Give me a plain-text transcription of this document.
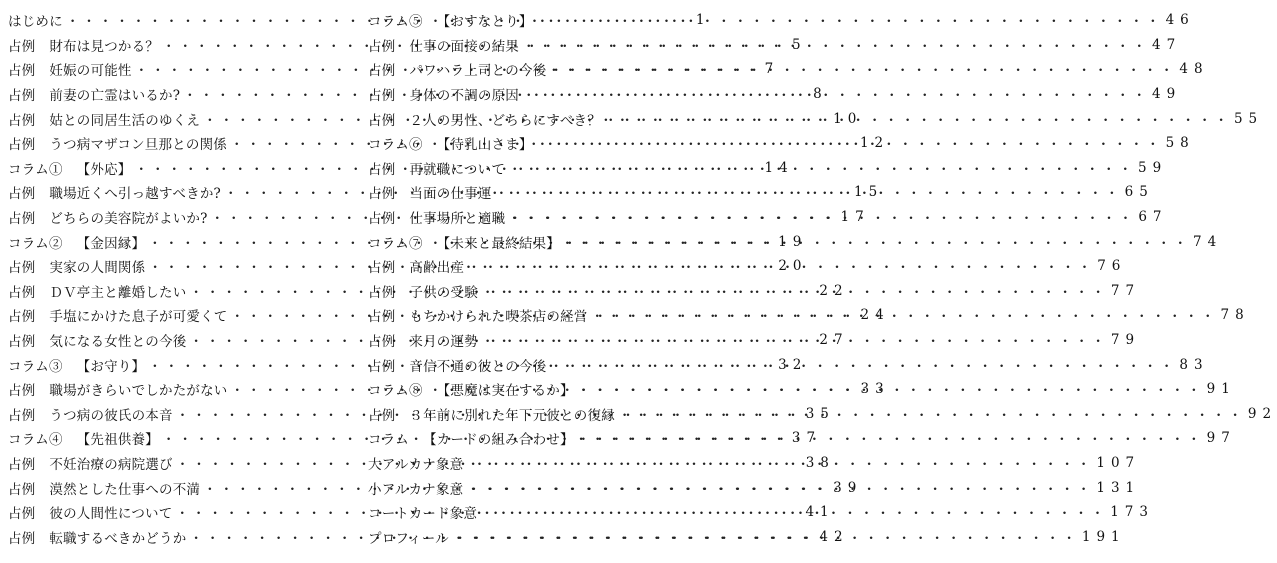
はじめに ・・・・・・・・・・・・・・・・・・・・・・・・・・・・・・・・・・・・・・	1
占例 財布は見つかる？ ・・・・・・・・・・・・・・・・・・・・・・・・・・・・・・・・・・・・・・	5
占例 妊娠の可能性 ・・・・・・・・・・・・・・・・・・・・・・・・・・・・・・・・・・・・・・	7
占例 前妻の亡霊はいるか? ・・・・・・・・・・・・・・・・・・・・・・・・・・・・・・・・・・・・・・	8
占例 姑との同居生活のゆくえ ・・・・・・・・・・・・・・・・・・・・・・・・・・・・・・・・・・・・・・	10
占例 うつ病マザコン旦那との関係 ・・・・・・・・・・・・・・・・・・・・・・・・・・・・・・・・・・・・・・	12
コラム① 【外応】 ・・・・・・・・・・・・・・・・・・・・・・・・・・・・・・・・・・・・・・	14
占例 職場近くへ引っ越すべきか? ・・・・・・・・・・・・・・・・・・・・・・・・・・・・・・・・・・・・・・	15
占例 どちらの美容院がよいか? ・・・・・・・・・・・・・・・・・・・・・・・・・・・・・・・・・・・・・・	17
コラム② 【金因縁】 ・・・・・・・・・・・・・・・・・・・・・・・・・・・・・・・・・・・・・・	19
占例 実家の人間関係 ・・・・・・・・・・・・・・・・・・・・・・・・・・・・・・・・・・・・・・	20
占例 ＤＶ亭主と離婚したい ・・・・・・・・・・・・・・・・・・・・・・・・・・・・・・・・・・・・・・	22
占例 手塩にかけた息子が可愛くて ・・・・・・・・・・・・・・・・・・・・・・・・・・・・・・・・・・・・・・	24
占例 気になる女性との今後 ・・・・・・・・・・・・・・・・・・・・・・・・・・・・・・・・・・・・・・	27
コラム③ 【お守り】 ・・・・・・・・・・・・・・・・・・・・・・・・・・・・・・・・・・・・・・	32
占例 職場がきらいでしかたがない ・・・・・・・・・・・・・・・・・・・・・・・・・・・・・・・・・・・・・・	33
占例 うつ病の彼氏の本音 ・・・・・・・・・・・・・・・・・・・・・・・・・・・・・・・・・・・・・・	35
コラム④ 【先祖供養】 ・・・・・・・・・・・・・・・・・・・・・・・・・・・・・・・・・・・・・・	37
占例 不妊治療の病院選び ・・・・・・・・・・・・・・・・・・・・・・・・・・・・・・・・・・・・・・	38
占例 漠然とした仕事への不満 ・・・・・・・・・・・・・・・・・・・・・・・・・・・・・・・・・・・・・・	39
占例 彼の人間性について ・・・・・・・・・・・・・・・・・・・・・・・・・・・・・・・・・・・・・・	41
占例 転職するべきかどうか ・・・・・・・・・・・・・・・・・・・・・・・・・・・・・・・・・・・・・・	42
コラム⑤ 【おすなとり】 ・・・・・・・・・・・・・・・・・・・・・・・・・・・・・・・・・・・・・・	46
占例 仕事の面接の結果 ・・・・・・・・・・・・・・・・・・・・・・・・・・・・・・・・・・・・・・	47
占例 パワハラ上司との今後 ・・・・・・・・・・・・・・・・・・・・・・・・・・・・・・・・・・・・・・	48
占例 身体の不調の原因 ・・・・・・・・・・・・・・・・・・・・・・・・・・・・・・・・・・・・・・	49
占例 ２人の男性、どちらにすべき？ ・・・・・・・・・・・・・・・・・・・・・・・・・・・・・・・・・・・・・・	55
コラム⑥ 【待乳山さま】 ・・・・・・・・・・・・・・・・・・・・・・・・・・・・・・・・・・・・・・	58
占例 再就職について ・・・・・・・・・・・・・・・・・・・・・・・・・・・・・・・・・・・・・・	59
占例 当面の仕事運 ・・・・・・・・・・・・・・・・・・・・・・・・・・・・・・・・・・・・・・	65
占例 仕事場所と適職 ・・・・・・・・・・・・・・・・・・・・・・・・・・・・・・・・・・・・・・	67
コラム⑦ 【未来と最終結果】 ・・・・・・・・・・・・・・・・・・・・・・・・・・・・・・・・・・・・・・	74
占例 高齢出産 ・・・・・・・・・・・・・・・・・・・・・・・・・・・・・・・・・・・・・・	76
占例 子供の受験 ・・・・・・・・・・・・・・・・・・・・・・・・・・・・・・・・・・・・・・	77
占例 もちかけられた喫茶店の経営 ・・・・・・・・・・・・・・・・・・・・・・・・・・・・・・・・・・・・・・	78
占例 来月の運勢 ・・・・・・・・・・・・・・・・・・・・・・・・・・・・・・・・・・・・・・	79
占例 音信不通の彼との今後 ・・・・・・・・・・・・・・・・・・・・・・・・・・・・・・・・・・・・・・	83
コラム⑧ 【悪魔は実在するか】 ・・・・・・・・・・・・・・・・・・・・・・・・・・・・・・・・・・・・・・	91
占例 ３年前に別れた年下元彼との復縁 ・・・・・・・・・・・・・・・・・・・・・・・・・・・・・・・・・・・・・・	92
コラム 【カードの組み合わせ】 ・・・・・・・・・・・・・・・・・・・・・・・・・・・・・・・・・・・・・・	97
大アルカナ象意 ・・・・・・・・・・・・・・・・・・・・・・・・・・・・・・・・・・・・・・	107
小アルカナ象意 ・・・・・・・・・・・・・・・・・・・・・・・・・・・・・・・・・・・・・・	131
コートカード象意 ・・・・・・・・・・・・・・・・・・・・・・・・・・・・・・・・・・・・・・	173
プロフィール ・・・・・・・・・・・・・・・・・・・・・・・・・・・・・・・・・・・・・・	191
